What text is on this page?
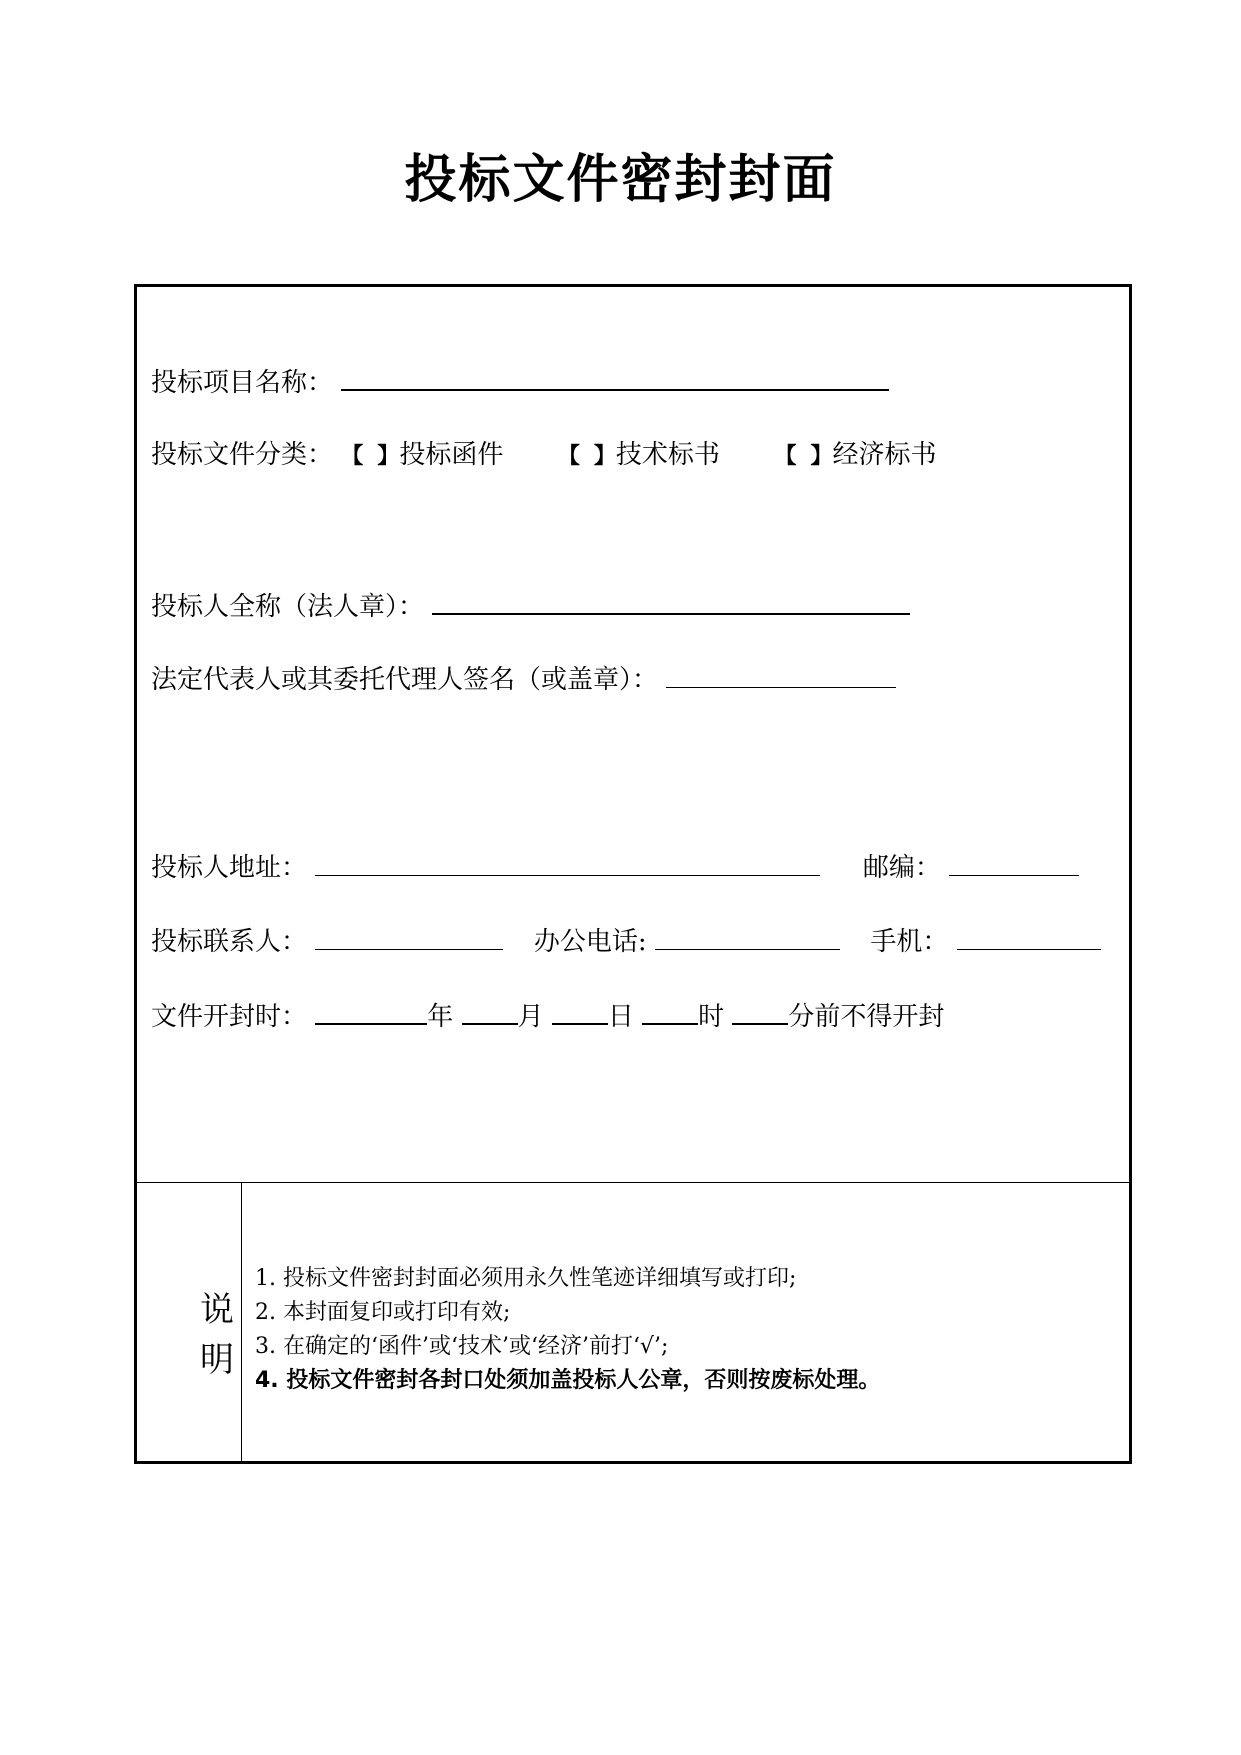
投标文件密封封面
投标项目名称：
投标文件分类： 【 】投标函件 【 】技术标书 【 】经济标书
投标人全称（法人章）：
法定代表人或其委托代理人签名（或盖章）：
投标人地址：	邮编：
投标联系人：	办公电话:	手机：
文件开封时：	年 月 日 时 分前不得开封
说
明
1. 投标文件密封封面必须用永久性笔迹详细填写或打印;
2. 本封面复印或打印有效;
3. 在确定的‘函件’或‘技术’或‘经济’前打‘√’;
4. 投标文件密封各封口处须加盖投标人公章，否则按废标处理。
